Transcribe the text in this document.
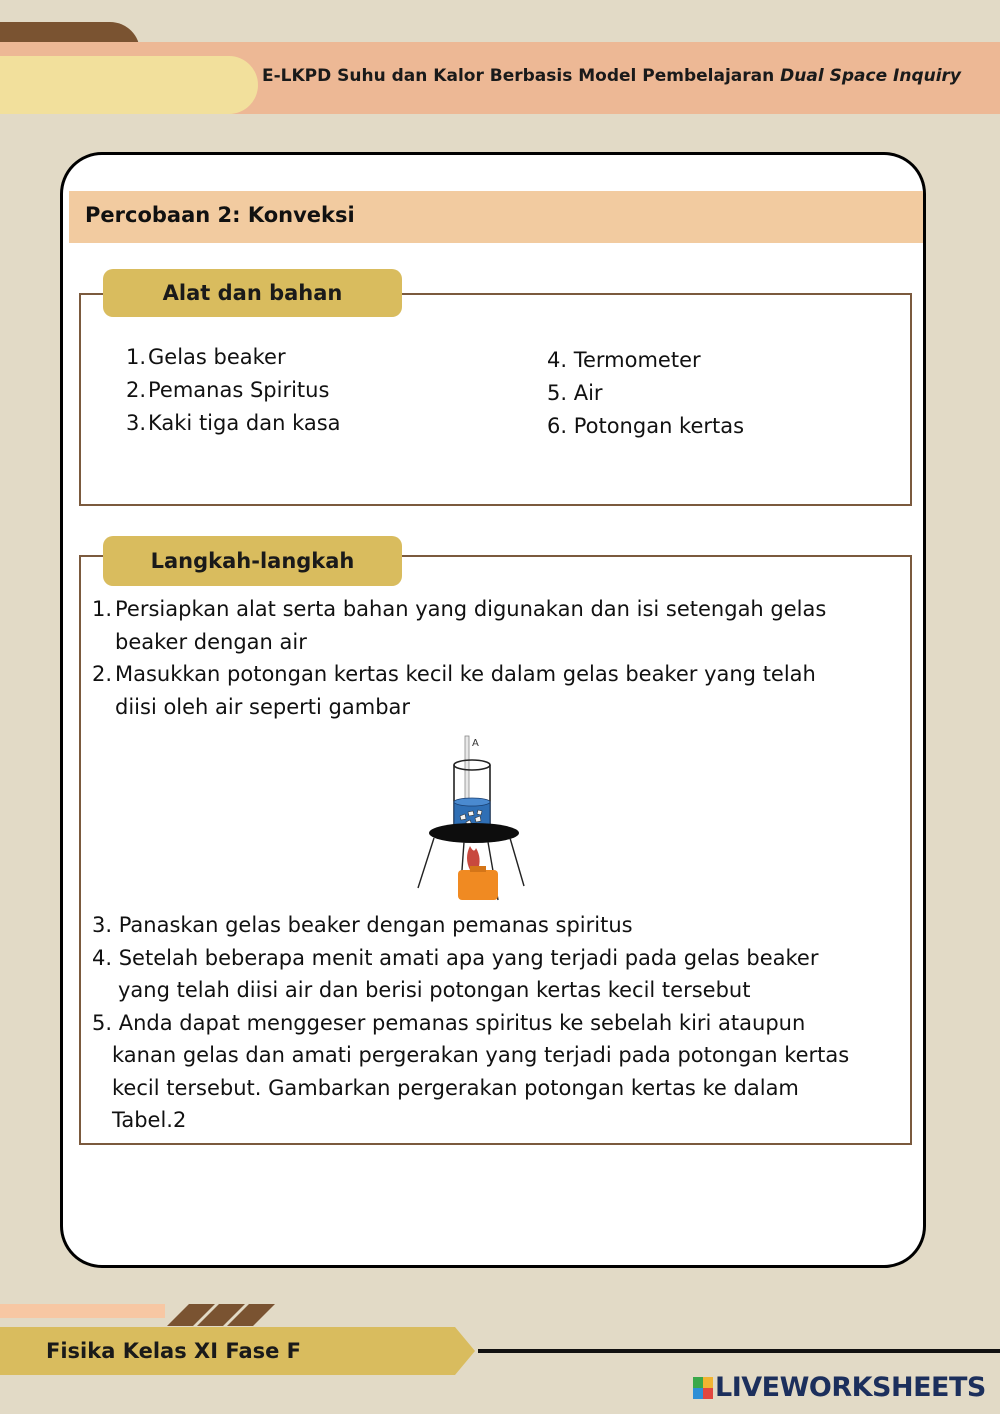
E-LKPD Suhu dan Kalor Berbasis Model Pembelajaran Dual Space Inquiry
Percobaan 2: Konveksi
Alat dan bahan
1. Gelas beaker
2. Pemanas Spiritus
3. Kaki tiga dan kasa
4. Termometer
5. Air
6. Potongan kertas
Langkah-langkah
1. Persiapkan alat serta bahan yang digunakan dan isi setengah gelas
beaker dengan air
2. Masukkan potongan kertas kecil ke dalam gelas beaker yang telah
diisi oleh air seperti gambar
A
3. Panaskan gelas beaker dengan pemanas spiritus
4. Setelah beberapa menit amati apa yang terjadi pada gelas beaker
yang telah diisi air dan berisi potongan kertas kecil tersebut
5. Anda dapat menggeser pemanas spiritus ke sebelah kiri ataupun
kanan gelas dan amati pergerakan yang terjadi pada potongan kertas
kecil tersebut. Gambarkan pergerakan potongan kertas ke dalam
Tabel.2
Fisika Kelas XI Fase F
LIVEWORKSHEETS
